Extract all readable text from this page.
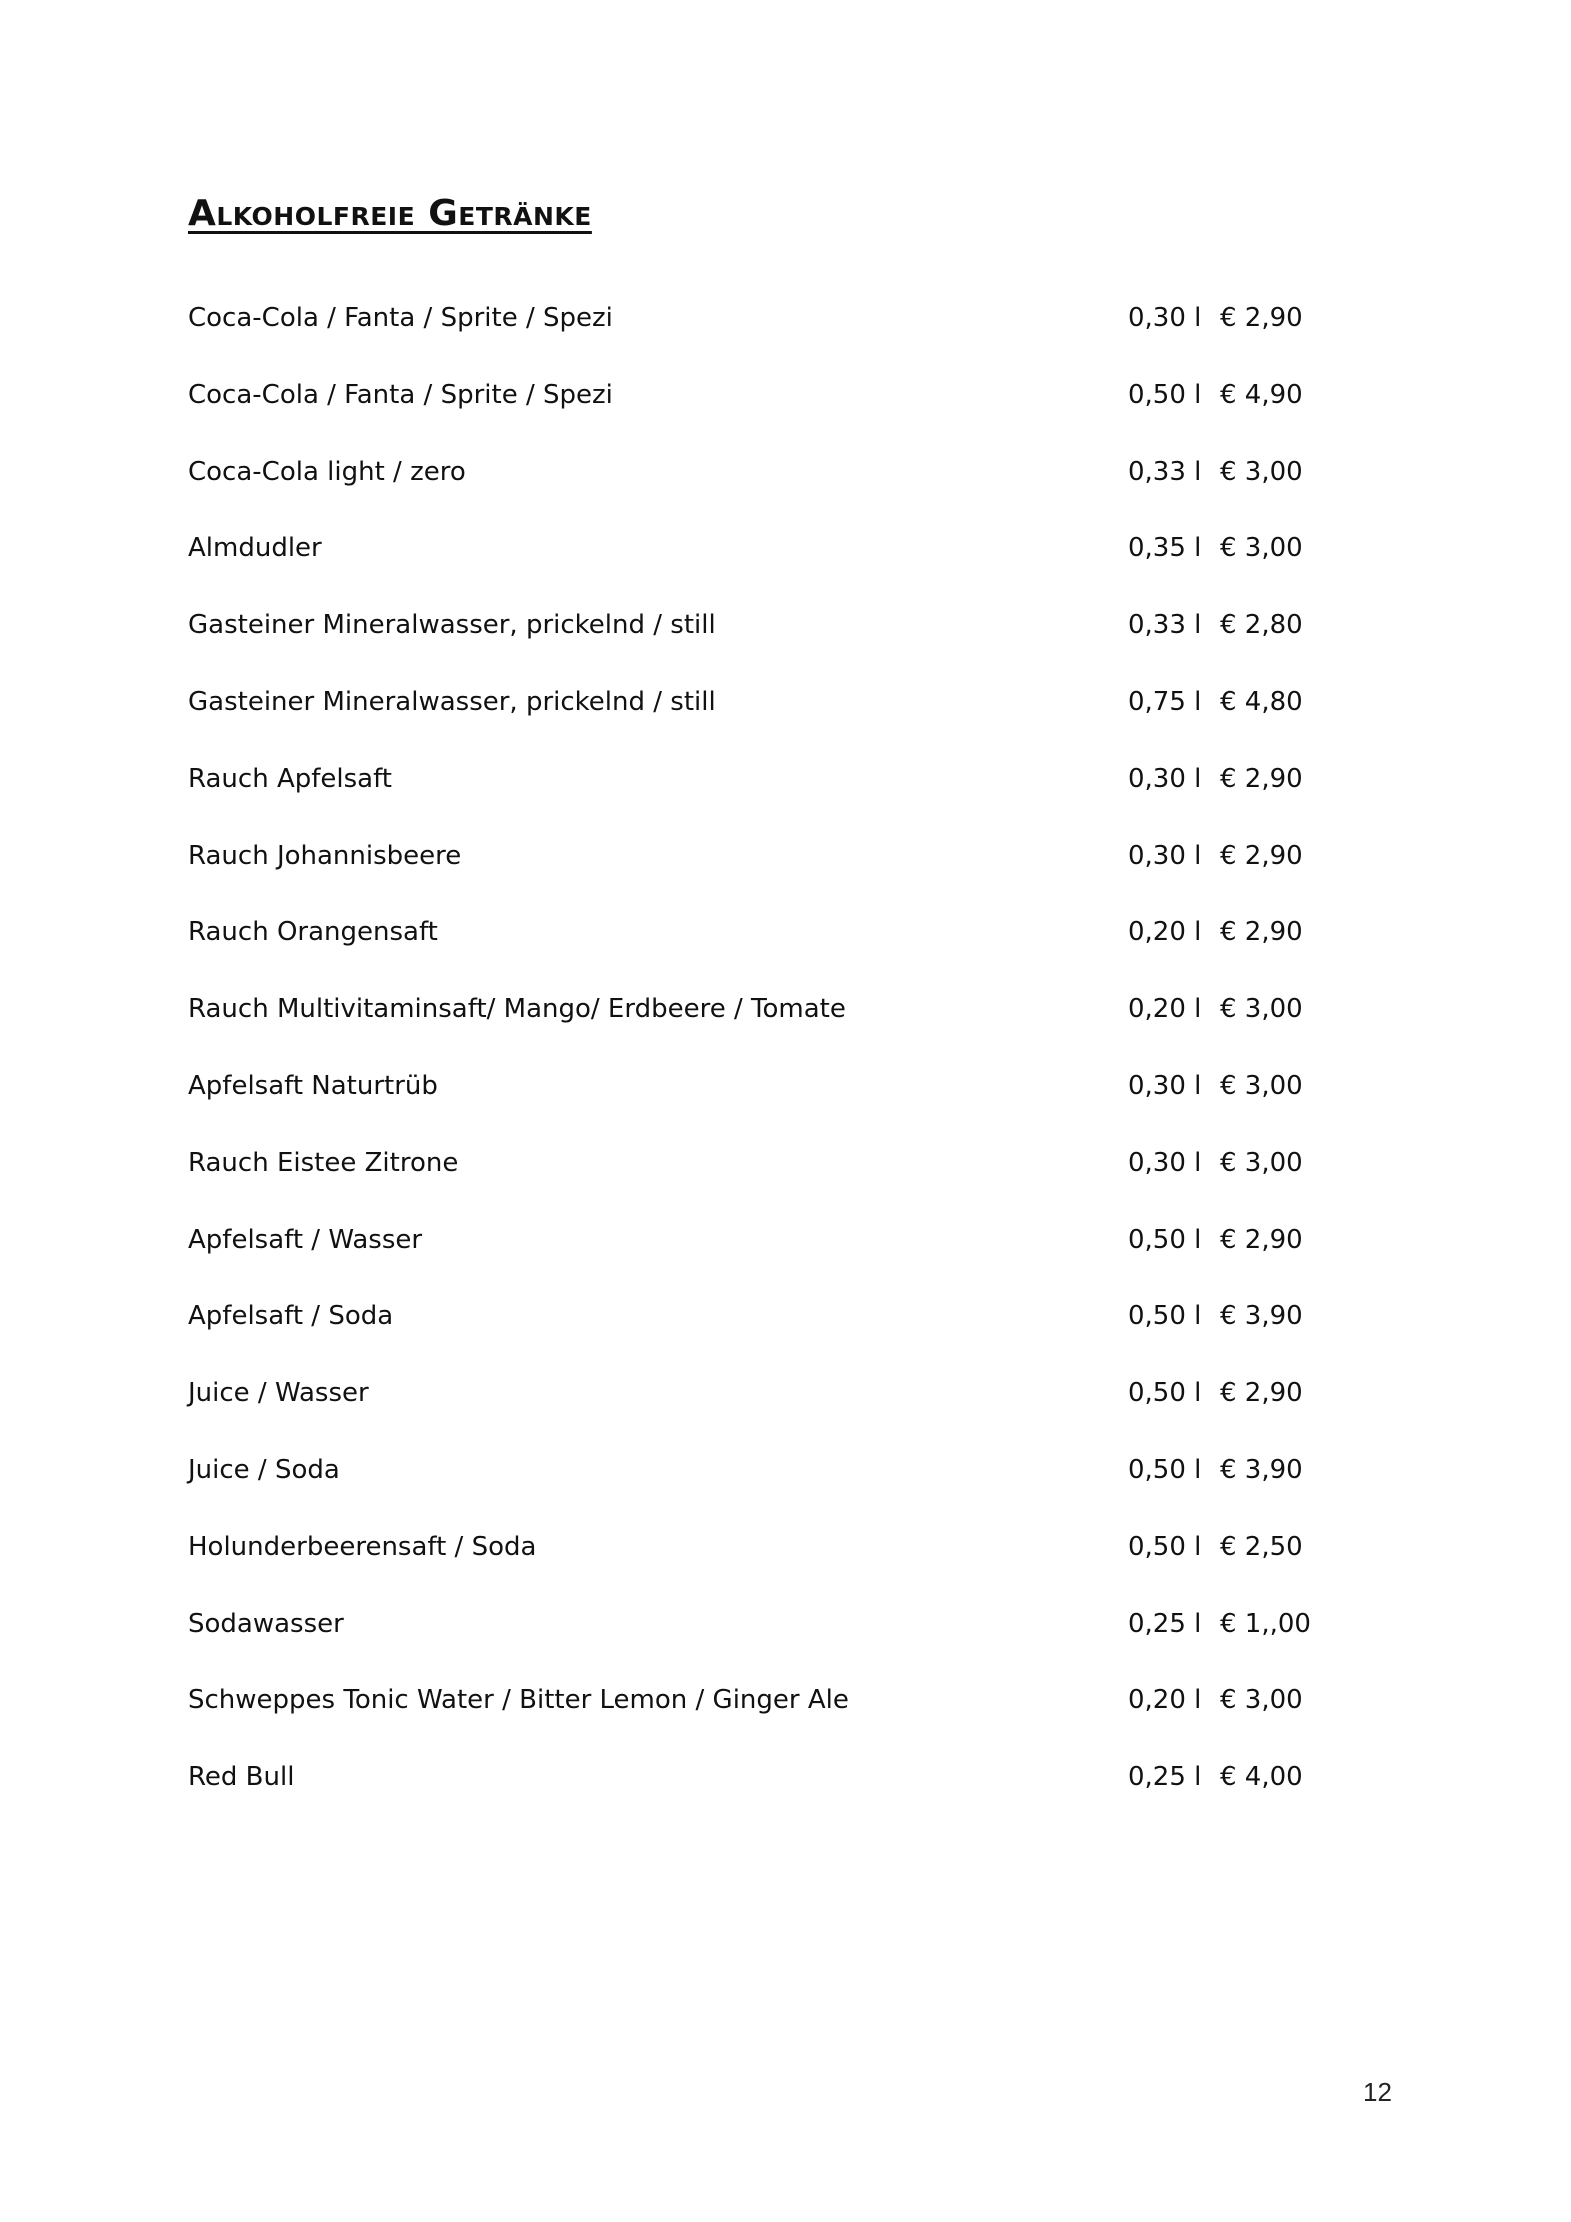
Alkoholfreie Getränke
Coca-Cola / Fanta / Sprite / Spezi	0,30 l € 2,90
Coca-Cola / Fanta / Sprite / Spezi	0,50 l € 4,90
Coca-Cola light / zero	0,33 l € 3,00
Almdudler	0,35 l € 3,00
Gasteiner Mineralwasser, prickelnd / still	0,33 l € 2,80
Gasteiner Mineralwasser, prickelnd / still	0,75 l € 4,80
Rauch Apfelsaft	0,30 l € 2,90
Rauch Johannisbeere	0,30 l € 2,90
Rauch Orangensaft	0,20 l € 2,90
Rauch Multivitaminsaft/ Mango/ Erdbeere / Tomate	0,20 l € 3,00
Apfelsaft Naturtrüb	0,30 l € 3,00
Rauch Eistee Zitrone	0,30 l € 3,00
Apfelsaft / Wasser	0,50 l € 2,90
Apfelsaft / Soda	0,50 l € 3,90
Juice / Wasser	0,50 l € 2,90
Juice / Soda	0,50 l € 3,90
Holunderbeerensaft / Soda	0,50 l € 2,50
Sodawasser	0,25 l € 1,,00
Schweppes Tonic Water / Bitter Lemon / Ginger Ale	0,20 l € 3,00
Red Bull	0,25 l € 4,00
12
